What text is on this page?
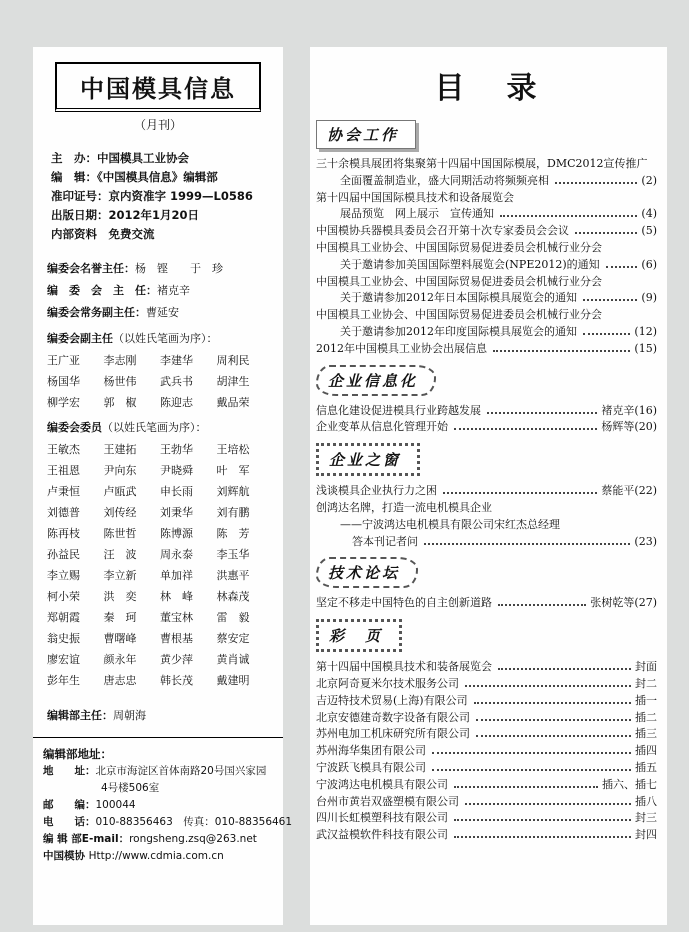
中国模具信息
（月刊）
主　办：中国模具工业协会
编　辑：《中国模具信息》编辑部
准印证号：京内资准字 1999—L0586
出版日期：2012年1月20日
内部资料　免费交流
编委会名誉主任：杨　铿　　于　珍
编　委　会　主　任：褚克辛
编委会常务副主任：曹延安
编委会副主任（以姓氏笔画为序）：
王广亚	李志刚	李建华	周利民
杨国华	杨世伟	武兵书	胡津生
柳学宏	郭　椒	陈迎志	戴品荣
编委会委员（以姓氏笔画为序）：
王敏杰	王建拓	王勃华	王培松
王祖恩	尹向东	尹晓舜	叶　军
卢秉恒	卢瓯武	申长雨	刘辉航
刘德普	刘传经	刘秉华	刘有鹏
陈再枝	陈世哲	陈博源	陈　芳
孙益民	汪　波	周永泰	李玉华
李立赐	李立新	单加祥	洪惠平
柯小荣	洪　奕	林　峰	林森茂
郑朝霞	秦　珂	董宝林	雷　毅
翁史振	曹曙峰	曹根基	蔡安定
廖宏谊	颜永年	黄少萍	黄肖诚
彭年生	唐志忠	韩长茂	戴建明
编辑部主任：周朝海
编辑部地址：
地　　址：北京市海淀区首体南路20号国兴家园
4号楼506室
邮　　编：100044
电　　话：010-88356463　传真：010-88356461
编 辑 部E-mail：rongsheng.zsq@263.net
中国模协 Http://www.cdmia.com.cn
目　录
协会工作
三十余模具展团将集聚第十四届中国国际模展，DMC2012宣传推广
全面覆盖制造业，盛大同期活动将频频亮相	(2)
第十四届中国国际模具技术和设备展览会
展品预览　网上展示　宣传通知	(4)
中国模协兵器模具委员会召开第十次专家委员会会议	(5)
中国模具工业协会、中国国际贸易促进委员会机械行业分会
关于邀请参加美国国际塑料展览会(NPE2012)的通知	(6)
中国模具工业协会、中国国际贸易促进委员会机械行业分会
关于邀请参加2012年日本国际模具展览会的通知	(9)
中国模具工业协会、中国国际贸易促进委员会机械行业分会
关于邀请参加2012年印度国际模具展览会的通知	(12)
2012年中国模具工业协会出展信息	(15)
企业信息化
信息化建设促进模具行业跨越发展	褚克辛(16)
企业变革从信息化管理开始	杨辉等(20)
企业之窗
浅谈模具企业执行力之困	蔡能平(22)
创鸿达名牌，打造一流电机模具企业
——宁波鸿达电机模具有限公司宋红杰总经理
答本刊记者问	(23)
技术论坛
坚定不移走中国特色的自主创新道路	张树乾等(27)
彩　页
第十四届中国模具技术和装备展览会	封面
北京阿奇夏米尔技术服务公司	封二
吉迈特技术贸易(上海)有限公司	插一
北京安德建奇数字设备有限公司	插二
苏州电加工机床研究所有限公司	插三
苏州海华集团有限公司	插四
宁波跃飞模具有限公司	插五
宁波鸿达电机模具有限公司	插六、插七
台州市黄岩双盛塑模有限公司	插八
四川长虹模塑科技有限公司	封三
武汉益模软件科技有限公司	封四
